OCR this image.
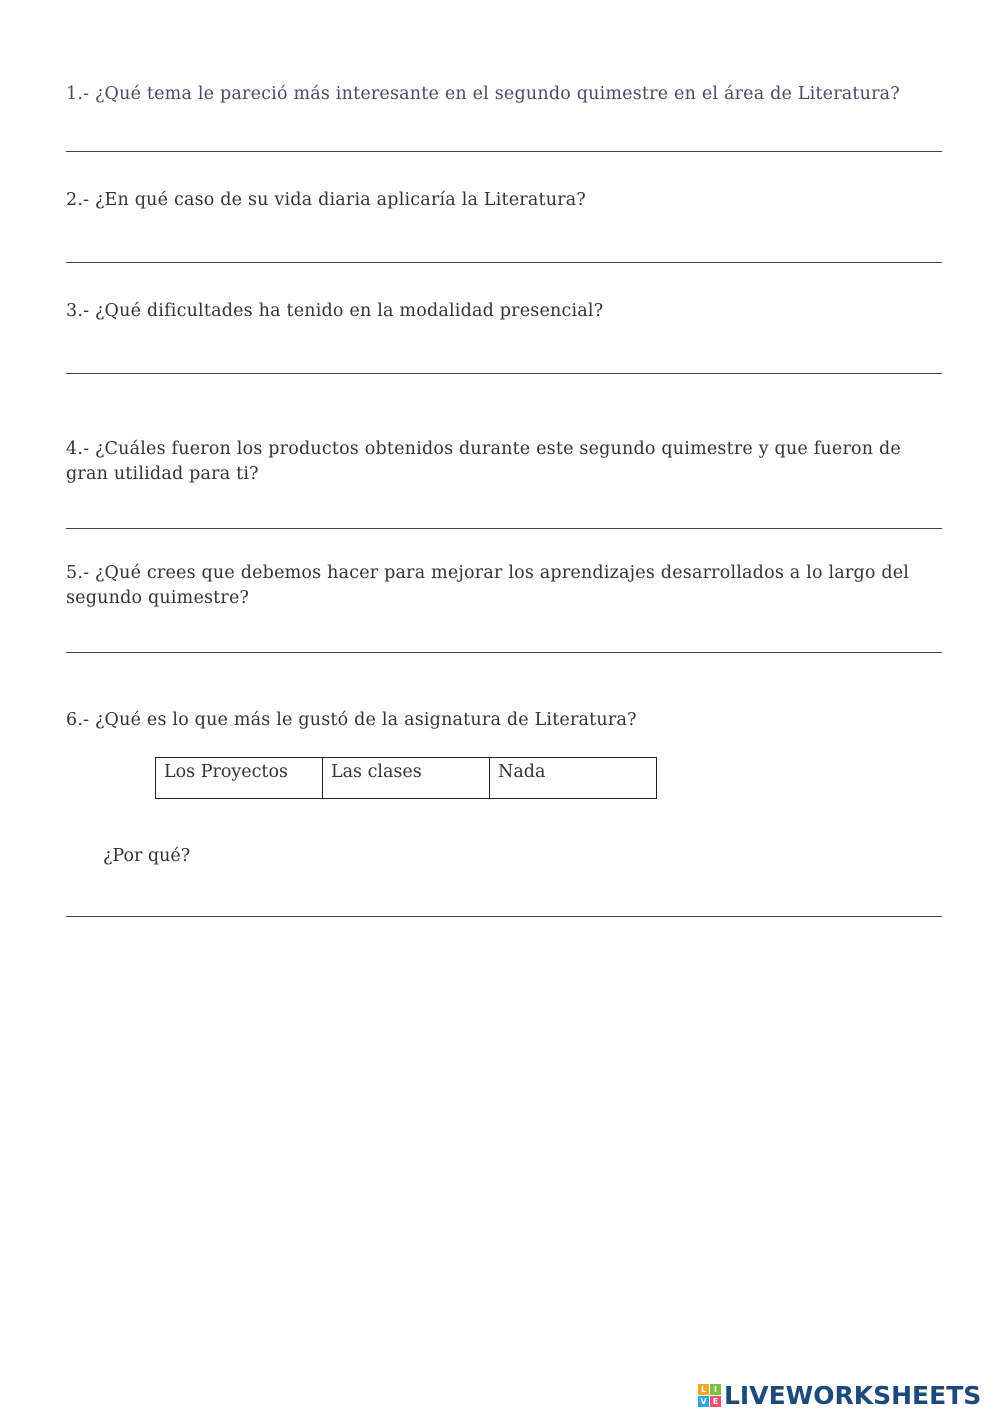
1.- ¿Qué tema le pareció más interesante en el segundo quimestre en el área de Literatura?
2.- ¿En qué caso de su vida diaria aplicaría la Literatura?
3.- ¿Qué dificultades ha tenido en la modalidad presencial?
4.- ¿Cuáles fueron los productos obtenidos durante este segundo quimestre y que fueron de gran utilidad para ti?
5.- ¿Qué crees que debemos hacer para mejorar los aprendizajes desarrollados a lo largo del segundo quimestre?
6.- ¿Qué es lo que más le gustó de la asignatura de Literatura?
Los Proyectos	Las clases	Nada
¿Por qué?
L I
V E LIVEWORKSHEETS
